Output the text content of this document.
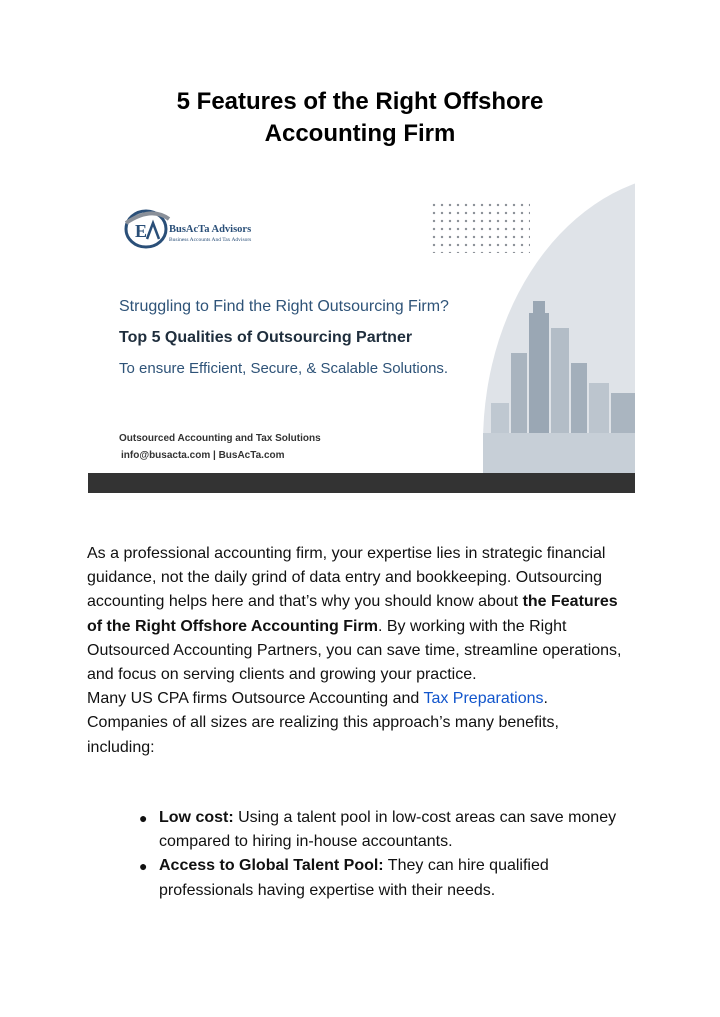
5 Features of the Right Offshore
Accounting Firm
E BusAcTa Advisors
Business Accounts And Tax Advisors
Struggling to Find the Right Outsourcing Firm?
Top 5 Qualities of Outsourcing Partner
To ensure Efficient, Secure, & Scalable Solutions.
Outsourced Accounting and Tax Solutions
info@busacta.com | BusAcTa.com

As a professional accounting firm, your expertise lies in strategic financial guidance, not the daily grind of data entry and bookkeeping. Outsourcing accounting helps here and that’s why you should know about the Features of the Right Offshore Accounting Firm. By working with the Right Outsourced Accounting Partners, you can save time, streamline operations, and focus on serving clients and growing your practice.

Many US CPA firms Outsource Accounting and Tax Preparations. Companies of all sizes are realizing this approach’s many benefits, including:

● Low cost: Using a talent pool in low-cost areas can save money compared to hiring in-house accountants.
● Access to Global Talent Pool: They can hire qualified professionals having expertise with their needs.
